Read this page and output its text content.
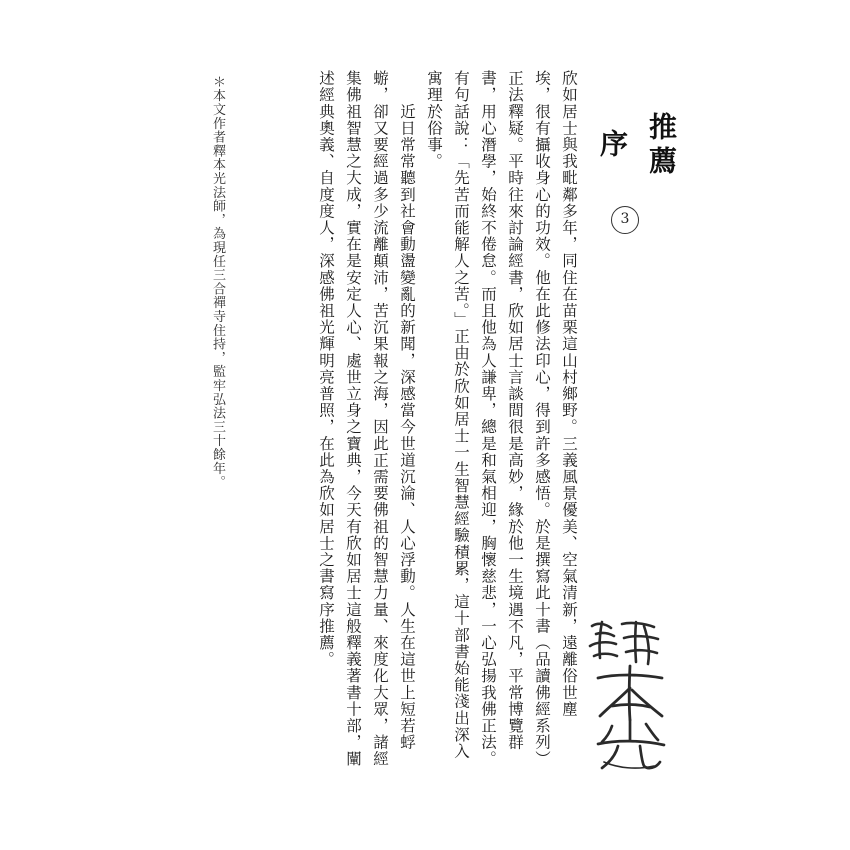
推薦序
3
欣如居士與我毗鄰多年，同住在苗栗這山村鄉野。三義風景優美、空氣清新，遠離俗世塵
埃，很有攝收身心的功效。他在此修法印心，得到許多感悟。於是撰寫此十書（品讀佛經系列）
正法釋疑。平時往來討論經書，欣如居士言談間很是高妙，緣於他一生境遇不凡，平常博覽群
書，用心潛學，始終不倦怠。而且他為人謙卑，總是和氣相迎，胸懷慈悲，一心弘揚我佛正法。
有句話說：「先苦而能解人之苦。」正由於欣如居士一生智慧經驗積累，這十部書始能淺出深入
寓理於俗事。
　　近日常常聽到社會動盪變亂的新聞，深感當今世道沉淪、人心浮動。人生在這世上短若蜉
蝣，卻又要經過多少流離顛沛，苦沉果報之海，因此正需要佛祖的智慧力量、來度化大眾，諸經
集佛祖智慧之大成，實在是安定人心、處世立身之寶典，今天有欣如居士這般釋義著書十部，闡
述經典奧義、自度度人，深感佛祖光輝明亮普照，在此為欣如居士之書寫序推薦。
＊本文作者釋本光法師，為現任三合禪寺住持，監牢弘法三十餘年。
